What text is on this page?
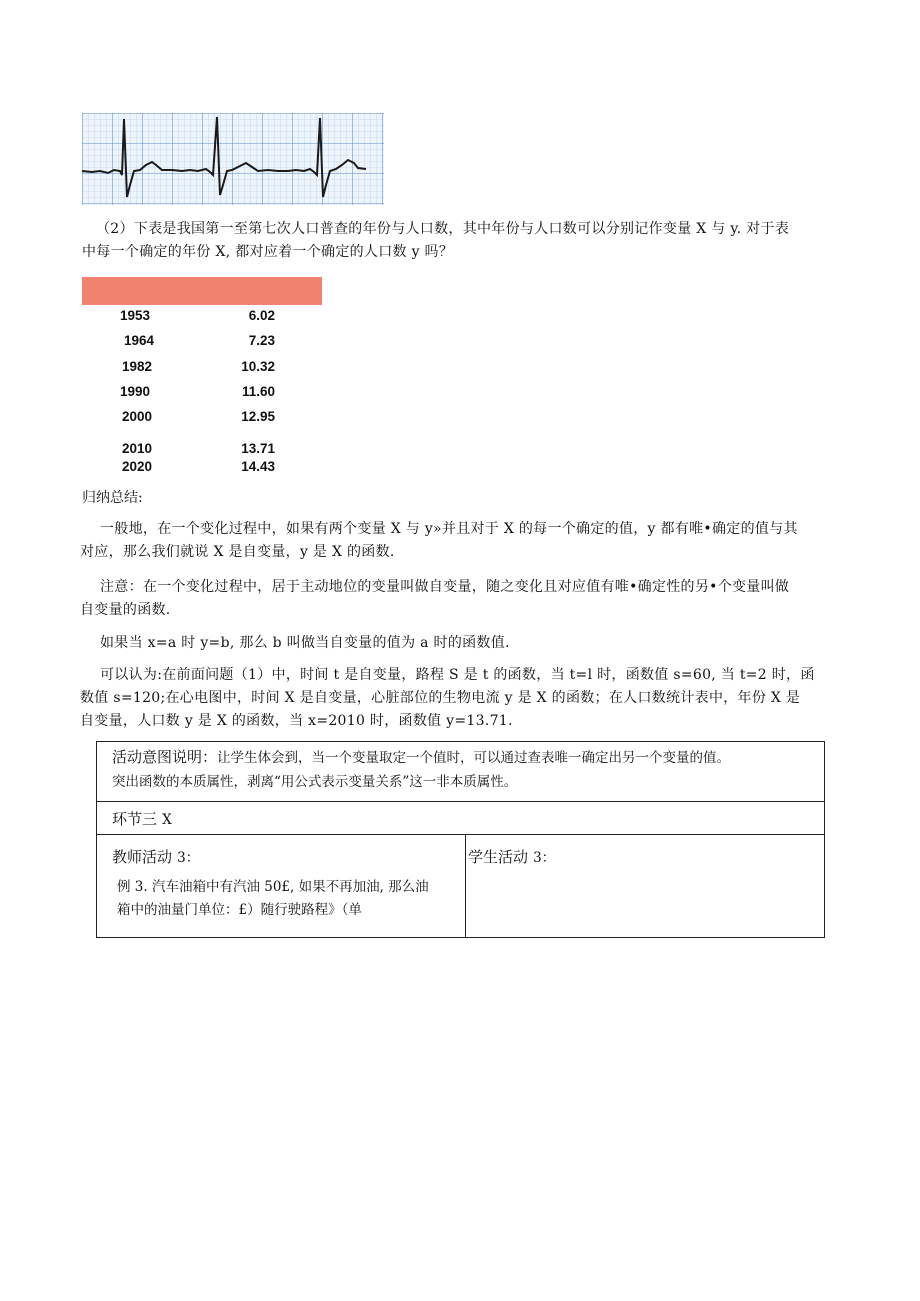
（2）下表是我国第一至第七次人口普查的年份与人口数，其中年份与人口数可以分别记作变量 X 与 y. 对于表
中每一个确定的年份 X, 都对应着一个确定的人口数 y 吗？
1953	6.02
1964	7.23
1982	10.32
1990	11.60
2000	12.95
2010	13.71
2020	14.43
归纳总结:
一般地，在一个变化过程中，如果有两个变量 X 与 y»并且对于 X 的每一个确定的值，y 都有唯•确定的值与其
对应，那么我们就说 X 是自变量，y 是 X 的函数.
注意：在一个变化过程中，居于主动地位的变量叫做自变量，随之变化且对应值有唯•确定性的另•个变量叫做
自变量的函数.
如果当 x=a 时 y=b, 那么 b 叫做当自变量的值为 a 时的函数值.
可以认为:在前面问题（1）中，时间 t 是自变量，路程 S 是 t 的函数，当 t=l 时，函数值 s=60, 当 t=2 时，函
数值 s=120;在心电图中，时间 X 是自变量，心脏部位的生物电流 y 是 X 的函数；在人口数统计表中，年份 X 是
自变量，人口数 y 是 X 的函数，当 x=2010 时，函数值 y=13.71.
活动意图说明：让学生体会到，当一个变量取定一个值时，可以通过查表唯一确定出另一个变量的值。
突出函数的本质属性，剥离“用公式表示变量关系”这一非本质属性。
环节三 X
教师活动 3：
例 3. 汽车油箱中有汽油 50£, 如果不再加油, 那么油
箱中的油量门单位：£）随行驶路程》（单
学生活动 3：
